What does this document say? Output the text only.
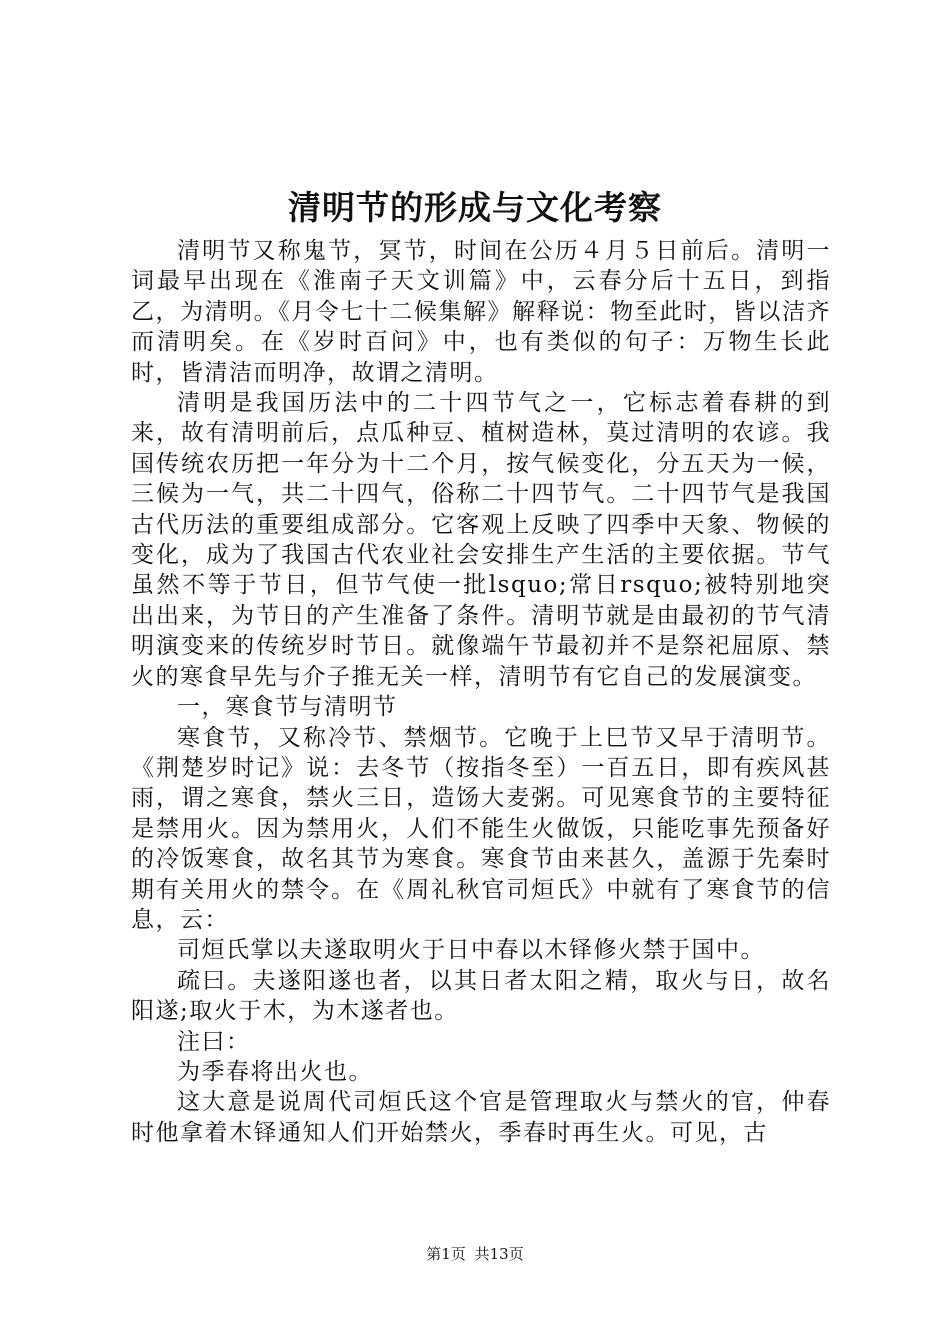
清明节的形成与文化考察

清明节又称鬼节，冥节，时间在公历４月５日前后。清明一词最早出现在《淮南子天文训篇》中，云春分后十五日，到指乙，为清明。《月令七十二候集解》解释说：物至此时，皆以洁齐而清明矣。在《岁时百问》中，也有类似的句子：万物生长此时，皆清洁而明净，故谓之清明。

清明是我国历法中的二十四节气之一，它标志着春耕的到来，故有清明前后，点瓜种豆、植树造林，莫过清明的农谚。我国传统农历把一年分为十二个月，按气候变化，分五天为一候，三候为一气，共二十四气，俗称二十四节气。二十四节气是我国古代历法的重要组成部分。它客观上反映了四季中天象、物候的变化，成为了我国古代农业社会安排生产生活的主要依据。节气虽然不等于节日，但节气使一批lsquo;常日rsquo;被特别地突出出来，为节日的产生准备了条件。清明节就是由最初的节气清明演变来的传统岁时节日。就像端午节最初并不是祭祀屈原、禁火的寒食早先与介子推无关一样，清明节有它自己的发展演变。

一，寒食节与清明节

寒食节，又称冷节、禁烟节。它晚于上巳节又早于清明节。《荆楚岁时记》说：去冬节（按指冬至）一百五日，即有疾风甚雨，谓之寒食，禁火三日，造饧大麦粥。可见寒食节的主要特征是禁用火。因为禁用火，人们不能生火做饭，只能吃事先预备好的冷饭寒食，故名其节为寒食。寒食节由来甚久，盖源于先秦时期有关用火的禁令。在《周礼秋官司烜氏》中就有了寒食节的信息，云：

司烜氏掌以夫遂取明火于日中春以木铎修火禁于国中。

疏曰。夫遂阳遂也者，以其日者太阳之精，取火与日，故名阳遂;取火于木，为木遂者也。

注曰：

为季春将出火也。

这大意是说周代司烜氏这个官是管理取火与禁火的官，仲春时他拿着木铎通知人们开始禁火，季春时再生火。可见，古

第1页 共13页
